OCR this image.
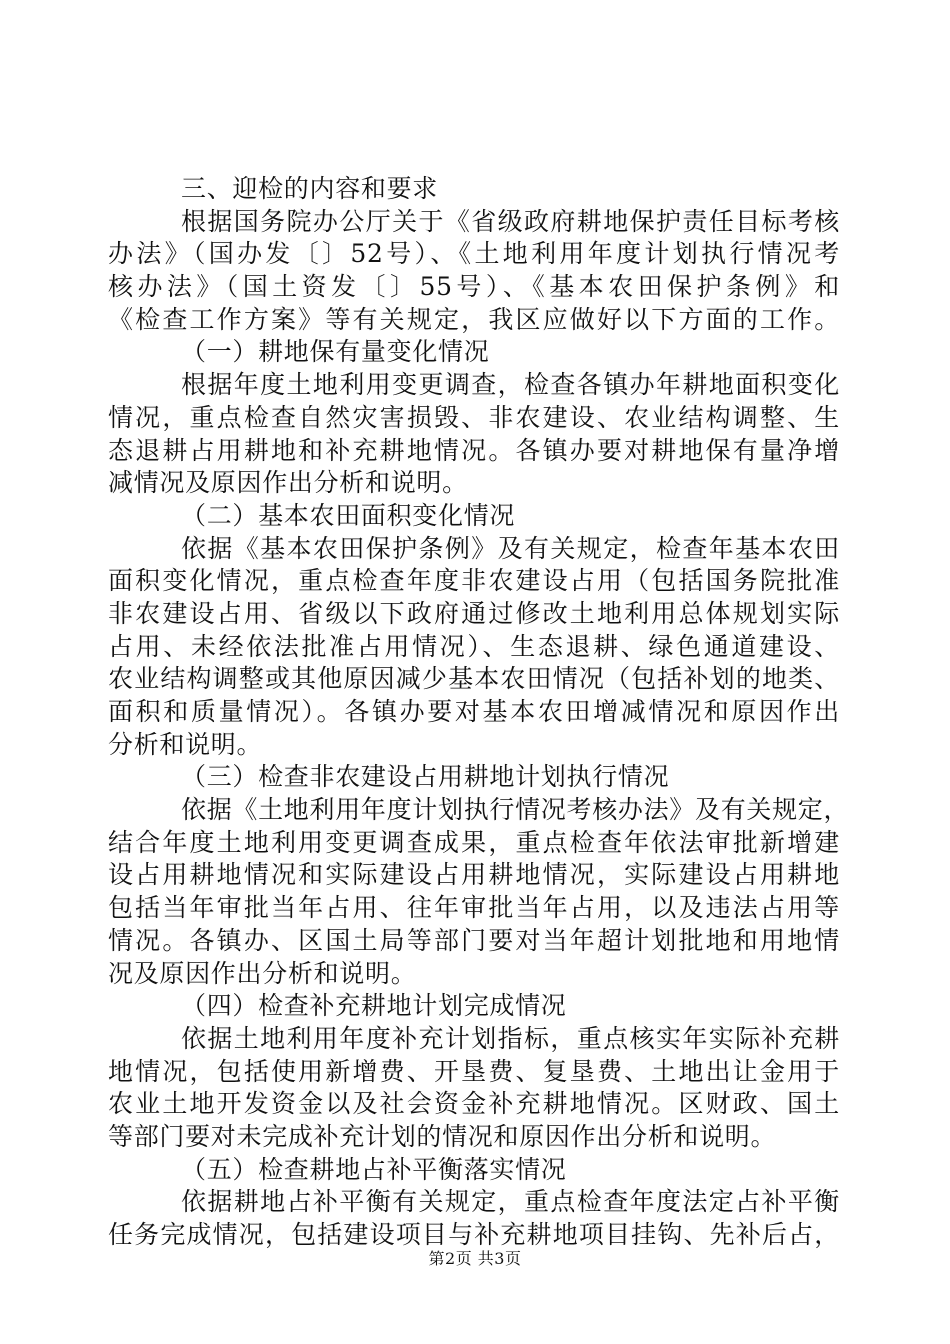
三、迎检的内容和要求
根据国务院办公厅关于《省级政府耕地保护责任目标考核
办法》（国办发〔〕52号）、《土地利用年度计划执行情况考
核办法》（国土资发〔〕55号）、《基本农田保护条例》和
《检查工作方案》等有关规定，我区应做好以下方面的工作。
（一）耕地保有量变化情况
根据年度土地利用变更调查，检查各镇办年耕地面积变化
情况，重点检查自然灾害损毁、非农建设、农业结构调整、生
态退耕占用耕地和补充耕地情况。各镇办要对耕地保有量净增
减情况及原因作出分析和说明。
（二）基本农田面积变化情况
依据《基本农田保护条例》及有关规定，检查年基本农田
面积变化情况，重点检查年度非农建设占用（包括国务院批准
非农建设占用、省级以下政府通过修改土地利用总体规划实际
占用、未经依法批准占用情况）、生态退耕、绿色通道建设、
农业结构调整或其他原因减少基本农田情况（包括补划的地类、
面积和质量情况）。各镇办要对基本农田增减情况和原因作出
分析和说明。
（三）检查非农建设占用耕地计划执行情况
依据《土地利用年度计划执行情况考核办法》及有关规定，
结合年度土地利用变更调查成果，重点检查年依法审批新增建
设占用耕地情况和实际建设占用耕地情况，实际建设占用耕地
包括当年审批当年占用、往年审批当年占用，以及违法占用等
情况。各镇办、区国土局等部门要对当年超计划批地和用地情
况及原因作出分析和说明。
（四）检查补充耕地计划完成情况
依据土地利用年度补充计划指标，重点核实年实际补充耕
地情况，包括使用新增费、开垦费、复垦费、土地出让金用于
农业土地开发资金以及社会资金补充耕地情况。区财政、国土
等部门要对未完成补充计划的情况和原因作出分析和说明。
（五）检查耕地占补平衡落实情况
依据耕地占补平衡有关规定，重点检查年度法定占补平衡
任务完成情况，包括建设项目与补充耕地项目挂钩、先补后占，
第2页 共3页
